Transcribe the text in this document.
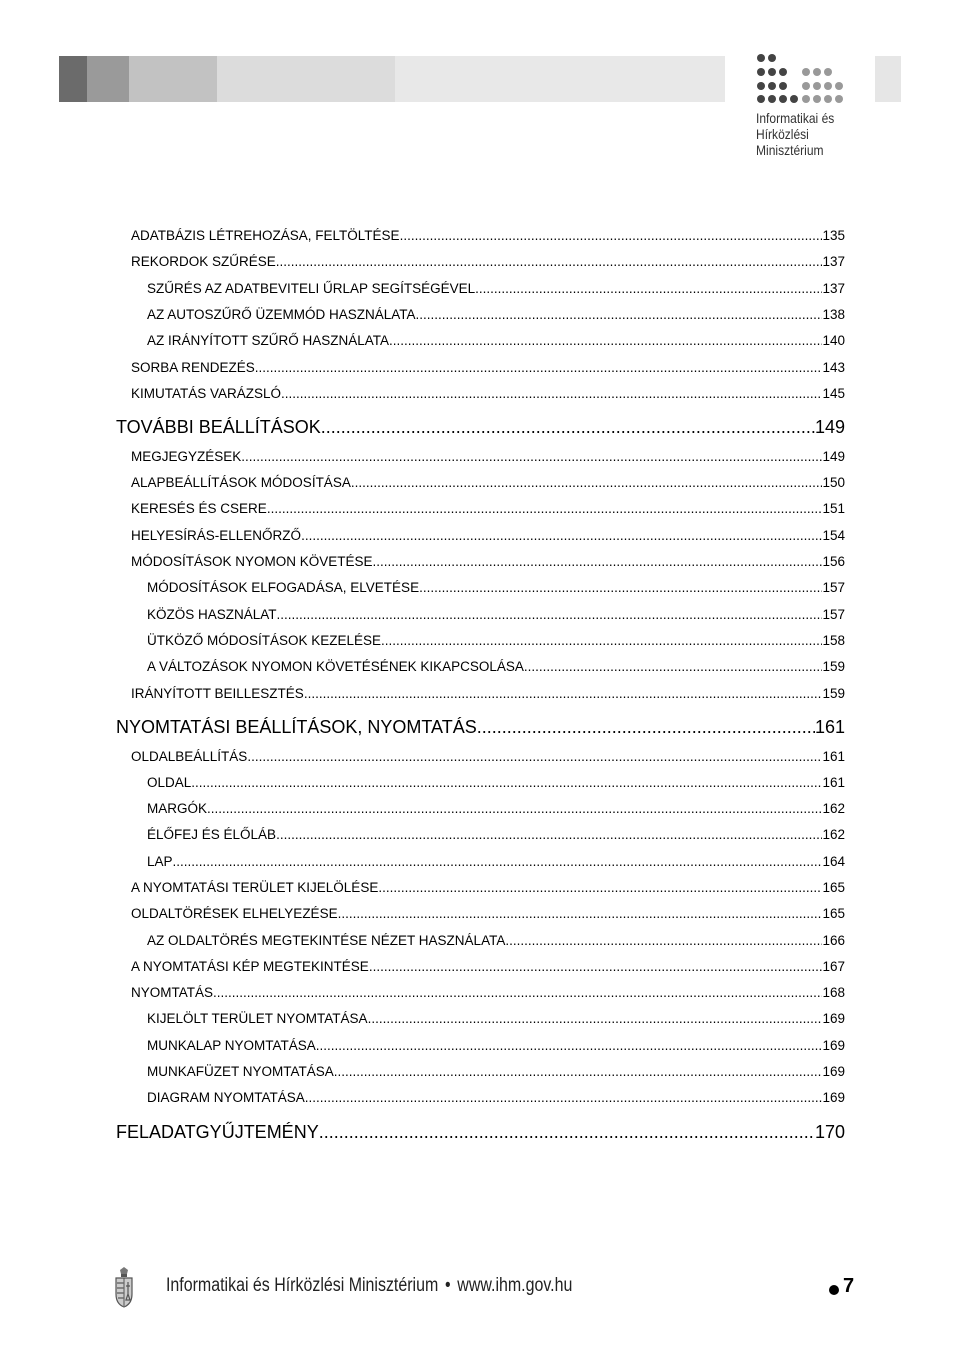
Informatikai és
Hírközlési
Minisztérium
ADATBÁZIS LÉTREHOZÁSA, FELTÖLTÉSE .....	135
REKORDOK SZŰRÉSE .....	137
SZŰRÉS AZ ADATBEVITELI ŰRLAP SEGÍTSÉGÉVEL .....	137
AZ AUTOSZŰRŐ ÜZEMMÓD HASZNÁLATA .....	138
AZ IRÁNYÍTOTT SZŰRŐ HASZNÁLATA .....	140
SORBA RENDEZÉS .....	143
KIMUTATÁS VARÁZSLÓ .....	145
TOVÁBBI BEÁLLÍTÁSOK .....	149
MEGJEGYZÉSEK .....	149
ALAPBEÁLLÍTÁSOK MÓDOSÍTÁSA .....	150
KERESÉS ÉS CSERE .....	151
HELYESÍRÁS-ELLENŐRZŐ .....	154
MÓDOSÍTÁSOK NYOMON KÖVETÉSE .....	156
MÓDOSÍTÁSOK ELFOGADÁSA, ELVETÉSE .....	157
KÖZÖS HASZNÁLAT .....	157
ÜTKÖZŐ MÓDOSÍTÁSOK KEZELÉSE .....	158
A VÁLTOZÁSOK NYOMON KÖVETÉSÉNEK KIKAPCSOLÁSA .....	159
IRÁNYÍTOTT BEILLESZTÉS .....	159
NYOMTATÁSI BEÁLLÍTÁSOK, NYOMTATÁS .....	161
OLDALBEÁLLÍTÁS .....	161
OLDAL .....	161
MARGÓK .....	162
ÉLŐFEJ ÉS ÉLŐLÁB .....	162
LAP .....	164
A NYOMTATÁSI TERÜLET KIJELÖLÉSE .....	165
OLDALTÖRÉSEK ELHELYEZÉSE .....	165
AZ OLDALTÖRÉS MEGTEKINTÉSE NÉZET HASZNÁLATA .....	166
A NYOMTATÁSI KÉP MEGTEKINTÉSE .....	167
NYOMTATÁS .....	168
KIJELÖLT TERÜLET NYOMTATÁSA .....	169
MUNKALAP NYOMTATÁSA .....	169
MUNKAFÜZET NYOMTATÁSA .....	169
DIAGRAM NYOMTATÁSA .....	169
FELADATGYŰJTEMÉNY .....	170
Informatikai és Hírközlési Minisztérium • www.ihm.gov.hu	7
